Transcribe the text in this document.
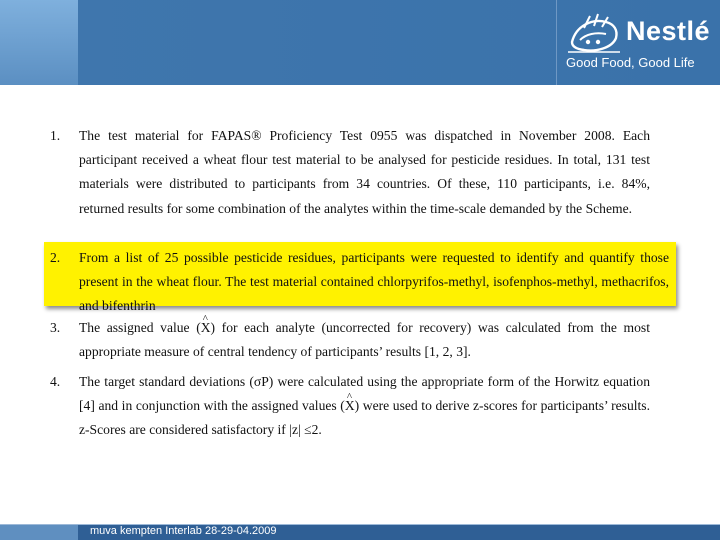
Nestlé
Good Food, Good Life
1.	The test material for FAPAS® Proficiency Test 0955 was dispatched in November 2008. Each participant received a wheat flour test material to be analysed for pesticide residues. In total, 131 test materials were distributed to participants from 34 countries. Of these, 110 participants, i.e. 84%, returned results for some combination of the analytes within the time-scale demanded by the Scheme.
2.	From a list of 25 possible pesticide residues, participants were requested to identify and quantify those present in the wheat flour. The test material contained chlorpyrifos-methyl, isofenphos-methyl, methacrifos, and bifenthrin
3.	The assigned value (^ X) for each analyte (uncorrected for recovery) was calculated from the most appropriate measure of central tendency of participants’ results [1, 2, 3].
4.	The target standard deviations (σP) were calculated using the appropriate form of the Horwitz equation [4] and in conjunction with the assigned values (^ X) were used to derive z-scores for participants’ results. z-Scores are considered satisfactory if |z| ≤2.
muva kempten Interlab 28-29-04.2009
